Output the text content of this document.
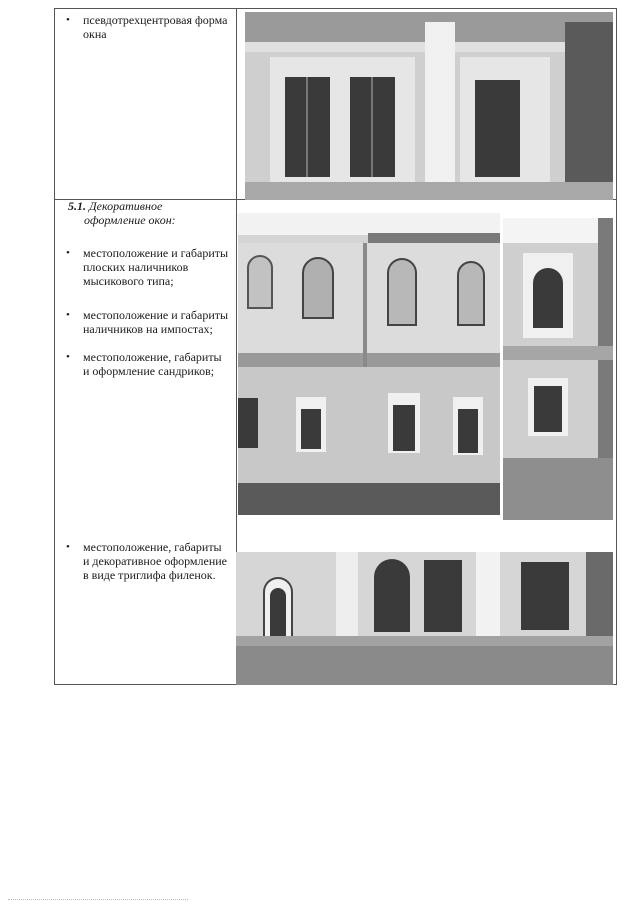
•	псевдотрехцентровая форма окна
5.1. Декоративное
оформление окон:
•	местоположение и габариты плоских наличников мысикового типа;
•	местоположение и габариты наличников на импостах;
•	местоположение, габариты и оформление сандриков;
•	местоположение, габариты и декоративное оформление в виде триглифа филенок.
